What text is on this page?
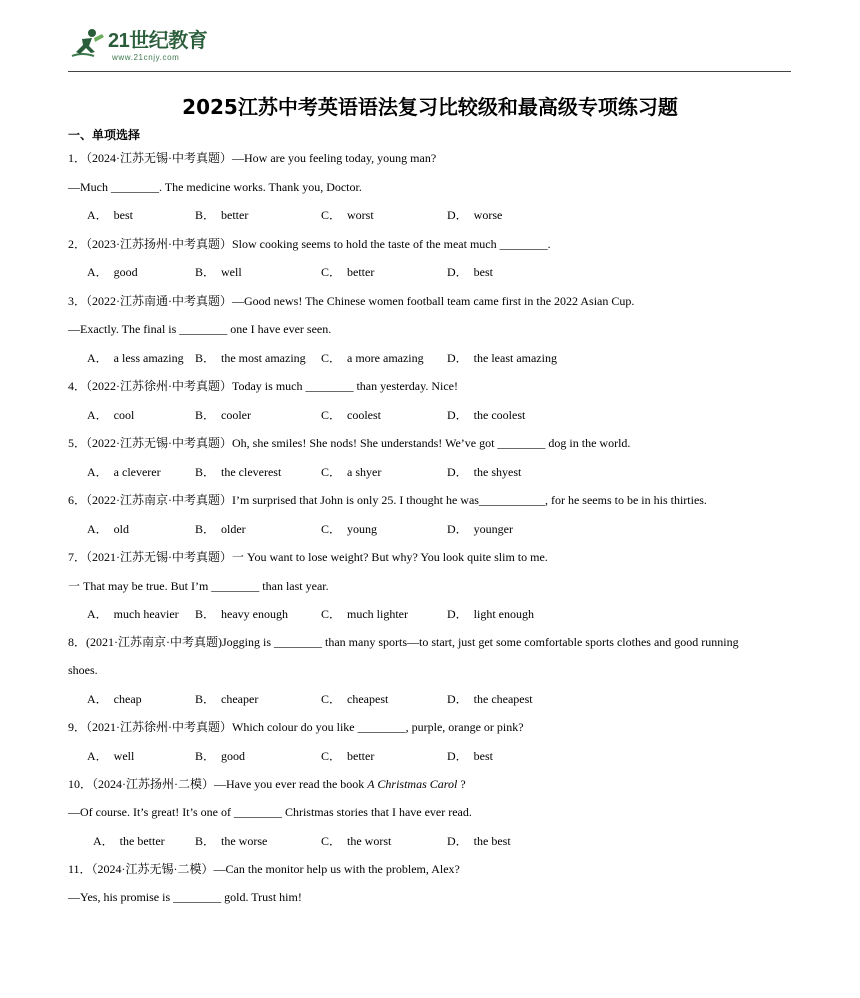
21世纪教育
www.21cnjy.com
2025江苏中考英语语法复习比较级和最高级专项练习题
一、单项选择
1．（2024·江苏无锡·中考真题）—How are you feeling today, young man?
—Much ________. The medicine works. Thank you, Doctor.
A． best	B． better	C． worst	D． worse
2．（2023·江苏扬州·中考真题）Slow cooking seems to hold the taste of the meat much ________.
A． good	B． well	C． better	D． best
3．（2022·江苏南通·中考真题）—Good news! The Chinese women football team came first in the 2022 Asian Cup.
—Exactly. The final is ________ one I have ever seen.
A． a less amazing B． the most amazing C． a more amazing D． the least amazing
4．（2022·江苏徐州·中考真题）Today is much ________ than yesterday. Nice!
A． cool	B． cooler	C． coolest	D． the coolest
5．（2022·江苏无锡·中考真题）Oh, she smiles! She nods! She understands! We’ve got ________ dog in the world.
A． a cleverer	B． the cleverest	C． a shyer	D． the shyest
6．（2022·江苏南京·中考真题）I’m surprised that John is only 25. I thought he was___________, for he seems to be in his thirties.
A． old	B． older	C． young	D． younger
7．（2021·江苏无锡·中考真题）一 You want to lose weight? But why? You look quite slim to me.
一 That may be true. But I’m ________ than last year.
A． much heavier B． heavy enough	C． much lighter	D． light enough
8．(2021·江苏南京·中考真题)Jogging is ________ than many sports—to start, just get some comfortable sports clothes and good running
shoes.
A． cheap	B． cheaper	C． cheapest	D． the cheapest
9．（2021·江苏徐州·中考真题）Which colour do you like ________, purple, orange or pink?
A． well	B． good	C． better	D． best
10．（2024·江苏扬州·二模）—Have you ever read the book A Christmas Carol ?
—Of course. It’s great! It’s one of ________ Christmas stories that I have ever read.
A． the better	B． the worse	C． the worst	D． the best
11．（2024·江苏无锡·二模）—Can the monitor help us with the problem, Alex?
—Yes, his promise is ________ gold. Trust him!
